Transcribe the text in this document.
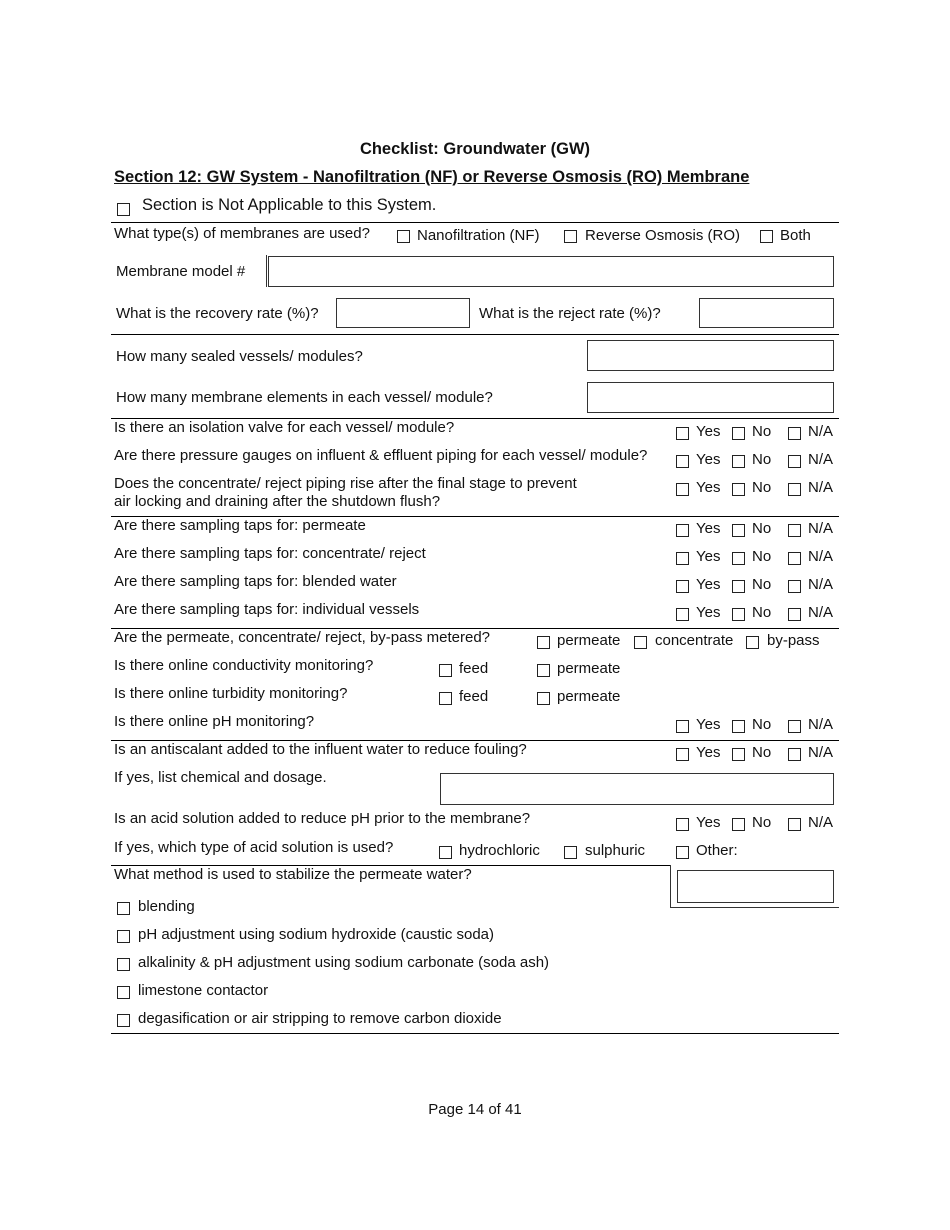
Checklist: Groundwater (GW)
Section 12: GW System - Nanofiltration (NF) or Reverse Osmosis (RO) Membrane
Section is Not Applicable to this System.
What type(s) of membranes are used?	Nanofiltration (NF)	Reverse Osmosis (RO)	Both
Membrane model #
What is the recovery rate (%)?	What is the reject rate (%)?
How many sealed vessels/ modules?
How many membrane elements in each vessel/ module?
Is there an isolation valve for each vessel/ module?	Yes No N/A
Are there pressure gauges on influent & effluent piping for each vessel/ module?	Yes No N/A
Does the concentrate/ reject piping rise after the final stage to prevent
air locking and draining after the shutdown flush?
Yes No N/A
Are there sampling taps for: permeate	Yes No N/A
Are there sampling taps for: concentrate/ reject	Yes No N/A
Are there sampling taps for: blended water	Yes No N/A
Are there sampling taps for: individual vessels	Yes No N/A
Are the permeate, concentrate/ reject, by-pass metered?	permeate concentrate by-pass
Is there online conductivity monitoring?	feed	permeate
Is there online turbidity monitoring?	feed	permeate
Is there online pH monitoring?	Yes No N/A
Is an antiscalant added to the influent water to reduce fouling?	Yes No N/A
If yes, list chemical and dosage.
Is an acid solution added to reduce pH prior to the membrane?	Yes No N/A
If yes, which type of acid solution is used?	hydrochloric	sulphuric	Other:
What method is used to stabilize the permeate water?
blending
pH adjustment using sodium hydroxide (caustic soda)
alkalinity & pH adjustment using sodium carbonate (soda ash)
limestone contactor
degasification or air stripping to remove carbon dioxide
Page 14 of 41
